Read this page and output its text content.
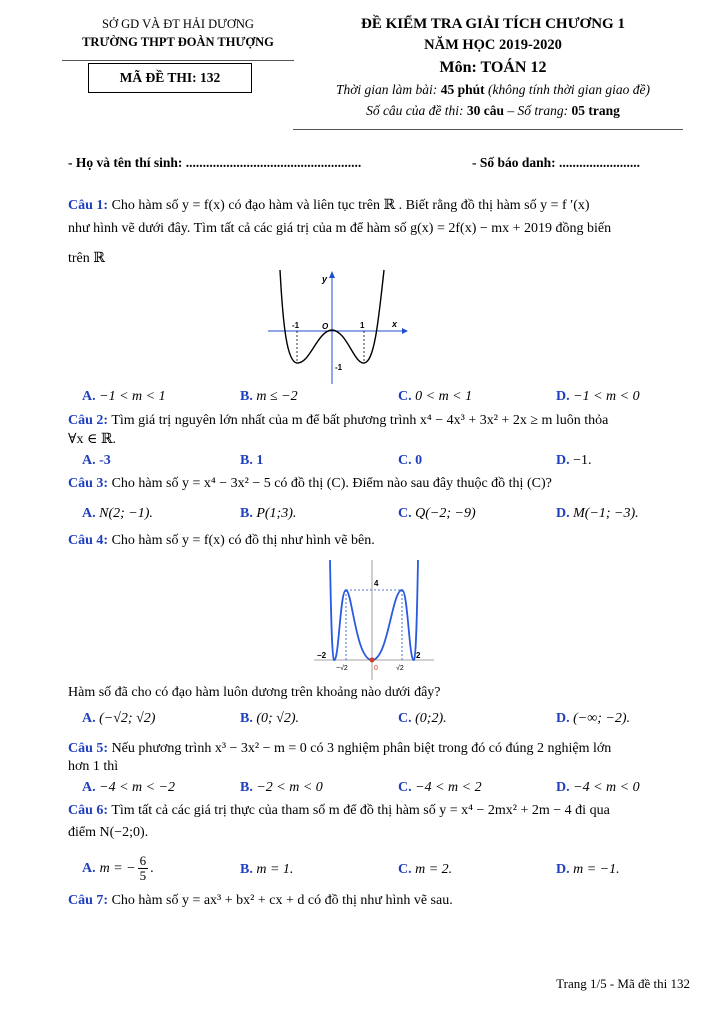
SỞ GD VÀ ĐT HẢI DƯƠNG
TRƯỜNG THPT ĐOÀN THƯỢNG
MÃ ĐỀ THI: 132
ĐỀ KIỂM TRA GIẢI TÍCH CHƯƠNG 1
NĂM HỌC 2019-2020
Môn: TOÁN 12
Thời gian làm bài: 45 phút (không tính thời gian giao đề)
Số câu của đề thi: 30 câu – Số trang: 05 trang
- Họ và tên thí sinh: ....................................................	- Số báo danh: ........................
Câu 1: Cho hàm số y = f(x) có đạo hàm và liên tục trên ℝ . Biết rằng đồ thị hàm số y = f ′(x)
như hình vẽ dưới đây. Tìm tất cả các giá trị của m để hàm số g(x) = 2f(x) − mx + 2019 đồng biến
trên ℝ
y
x
O
-1	1
-1
A. −1 < m < 1	B. m ≤ −2	C. 0 < m < 1	D. −1 < m < 0
Câu 2: Tìm giá trị nguyên lớn nhất của m để bất phương trình x⁴ − 4x³ + 3x² + 2x ≥ m luôn thỏa
∀x ∈ ℝ.
A. -3	B. 1	C. 0	D. −1.
Câu 3: Cho hàm số y = x⁴ − 3x² − 5 có đồ thị (C). Điểm nào sau đây thuộc đồ thị (C)?
A. N(2; −1).	B. P(1;3).	C. Q(−2; −9)	D. M(−1; −3).
Câu 4: Cho hàm số y = f(x) có đồ thị như hình vẽ bên.
4
−2	2
−√2	√2
0
Hàm số đã cho có đạo hàm luôn dương trên khoảng nào dưới đây?
A. (−√2; √2)	B. (0; √2).	C. (0;2).	D. (−∞; −2).
Câu 5: Nếu phương trình x³ − 3x² − m = 0 có 3 nghiệm phân biệt trong đó có đúng 2 nghiệm lớn
hơn 1 thì
A. −4 < m < −2	B. −2 < m < 0	C. −4 < m < 2	D. −4 < m < 0
Câu 6: Tìm tất cả các giá trị thực của tham số m để đồ thị hàm số y = x⁴ − 2mx² + 2m − 4 đi qua
điểm N(−2;0).
A. m = − $\frac{6}{5}$ .	B. m = 1.	C. m = 2.	D. m = −1.
Câu 7: Cho hàm số y = ax³ + bx² + cx + d có đồ thị như hình vẽ sau.
Trang 1/5 - Mã đề thi 132
